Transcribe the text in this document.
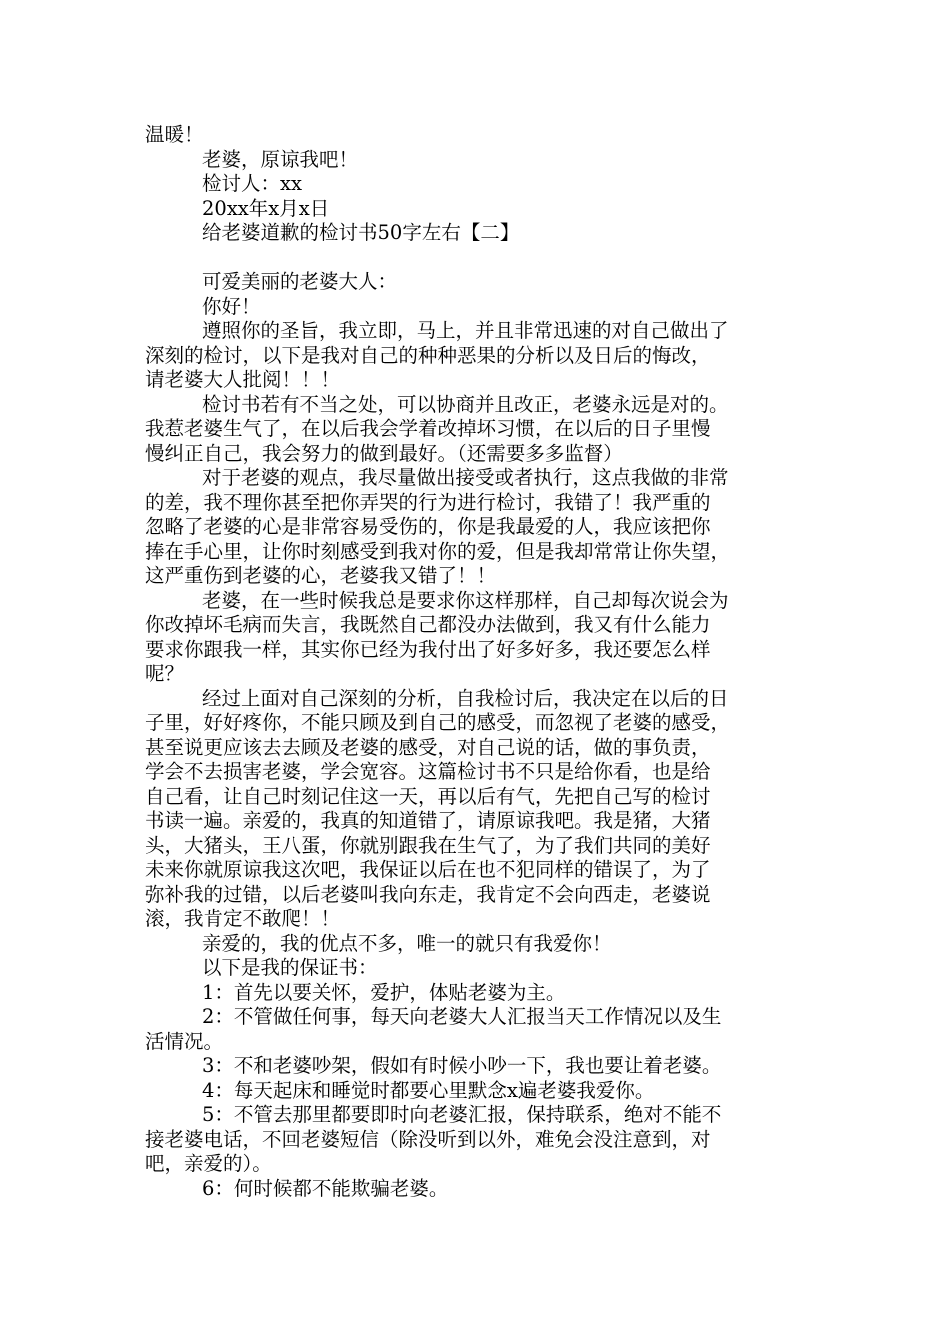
温暖！

老婆，原谅我吧！

检讨人：xx

20xx年x月x日

给老婆道歉的检讨书50字左右【二】

可爱美丽的老婆大人：

你好！

遵照你的圣旨，我立即，马上，并且非常迅速的对自己做出了

深刻的检讨，以下是我对自己的种种恶果的分析以及日后的悔改，

请老婆大人批阅！！！

检讨书若有不当之处，可以协商并且改正，老婆永远是对的。

我惹老婆生气了，在以后我会学着改掉坏习惯，在以后的日子里慢

慢纠正自己，我会努力的做到最好。（还需要多多监督）

对于老婆的观点，我尽量做出接受或者执行，这点我做的非常

的差，我不理你甚至把你弄哭的行为进行检讨，我错了！我严重的

忽略了老婆的心是非常容易受伤的，你是我最爱的人，我应该把你

捧在手心里，让你时刻感受到我对你的爱，但是我却常常让你失望，

这严重伤到老婆的心，老婆我又错了！！

老婆，在一些时候我总是要求你这样那样，自己却每次说会为

你改掉坏毛病而失言，我既然自己都没办法做到，我又有什么能力

要求你跟我一样，其实你已经为我付出了好多好多，我还要怎么样

呢？

经过上面对自己深刻的分析，自我检讨后，我决定在以后的日

子里，好好疼你，不能只顾及到自己的感受，而忽视了老婆的感受，

甚至说更应该去去顾及老婆的感受，对自己说的话，做的事负责，

学会不去损害老婆，学会宽容。这篇检讨书不只是给你看，也是给

自己看，让自己时刻记住这一天，再以后有气，先把自己写的检讨

书读一遍。亲爱的，我真的知道错了，请原谅我吧。我是猪，大猪

头，大猪头，王八蛋，你就别跟我在生气了，为了我们共同的美好

未来你就原谅我这次吧，我保证以后在也不犯同样的错误了，为了

弥补我的过错，以后老婆叫我向东走，我肯定不会向西走，老婆说

滚，我肯定不敢爬！！

亲爱的，我的优点不多，唯一的就只有我爱你！

以下是我的保证书：

1：首先以要关怀，爱护，体贴老婆为主。

2：不管做任何事，每天向老婆大人汇报当天工作情况以及生

活情况。

3：不和老婆吵架，假如有时候小吵一下，我也要让着老婆。

4：每天起床和睡觉时都要心里默念x遍老婆我爱你。

5：不管去那里都要即时向老婆汇报，保持联系，绝对不能不

接老婆电话，不回老婆短信（除没听到以外，难免会没注意到，对

吧，亲爱的）。

6：何时候都不能欺骗老婆。
